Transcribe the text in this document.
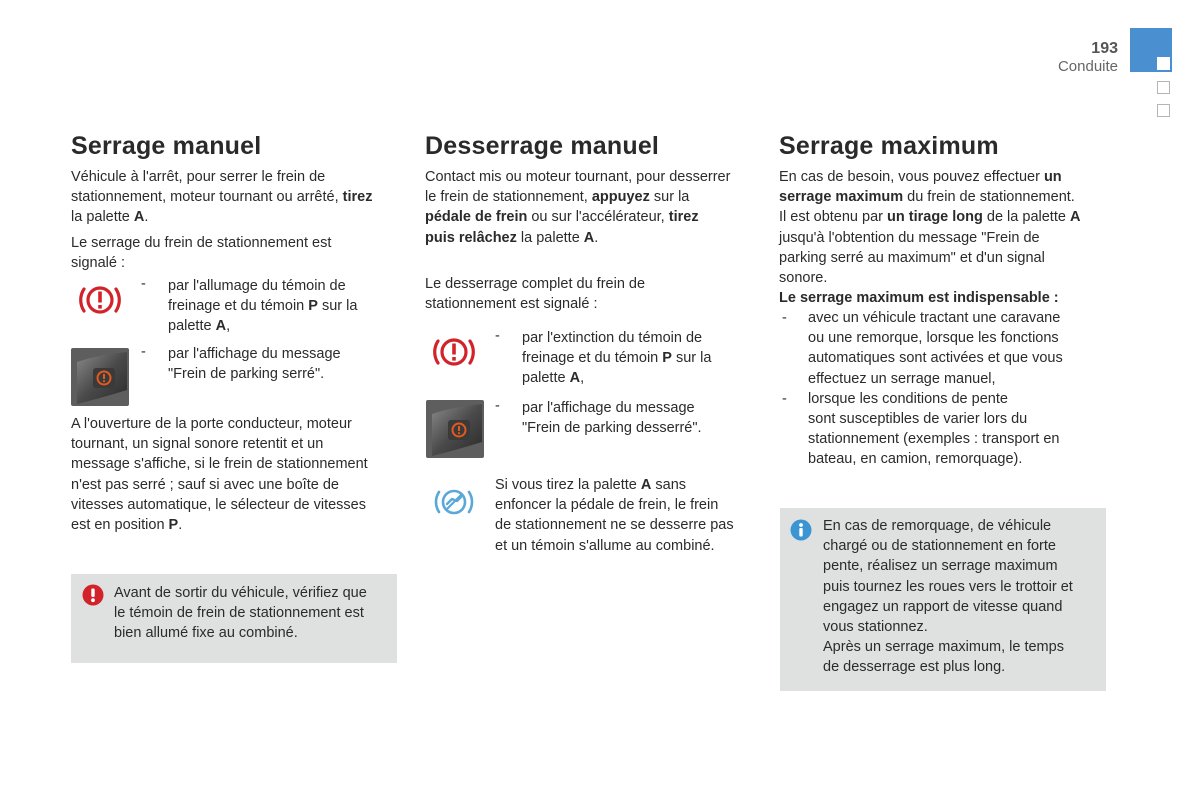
193
Conduite
Serrage manuel

Véhicule à l'arrêt, pour serrer le frein de

stationnement, moteur tournant ou arrêté, tirez

la palette A.

Le serrage du frein de stationnement est signalé :
- par l'allumage du témoin de

freinage et du témoin P sur la

palette A,

- par l'affichage du message

"Frein de parking serré".

A l'ouverture de la porte conducteur, moteur

tournant, un signal sonore retentit et un

message s'affiche, si le frein de stationnement

n'est pas serré ; sauf si avec une boîte de

vitesses automatique, le sélecteur de vitesses

est en position P.

Avant de sortir du véhicule, vérifiez que

le témoin de frein de stationnement est

bien allumé fixe au combiné.

Desserrage manuel

Contact mis ou moteur tournant, pour desserrer

le frein de stationnement, appuyez sur la

pédale de frein ou sur l'accélérateur, tirez

puis relâchez la palette A.

Le desserrage complet du frein de

stationnement est signalé :

- par l'extinction du témoin de

freinage et du témoin P sur la

palette A,

- par l'affichage du message

"Frein de parking desserré".

Si vous tirez la palette A sans

enfoncer la pédale de frein, le frein

de stationnement ne se desserre pas

et un témoin s'allume au combiné.

Serrage maximum

En cas de besoin, vous pouvez effectuer un

serrage maximum du frein de stationnement.

Il est obtenu par un tirage long de la palette A

jusqu'à l'obtention du message "Frein de

parking serré au maximum" et d'un signal

sonore.

Le serrage maximum est indispensable :

- avec un véhicule tractant une caravane
ou une remorque, lorsque les fonctions
automatiques sont activées et que vous
effectuez un serrage manuel,
- lorsque les conditions de pente
sont susceptibles de varier lors du
stationnement (exemples : transport en
bateau, en camion, remorquage).

En cas de remorquage, de véhicule

chargé ou de stationnement en forte

pente, réalisez un serrage maximum

puis tournez les roues vers le trottoir et

engagez un rapport de vitesse quand

vous stationnez.

Après un serrage maximum, le temps

de desserrage est plus long.
